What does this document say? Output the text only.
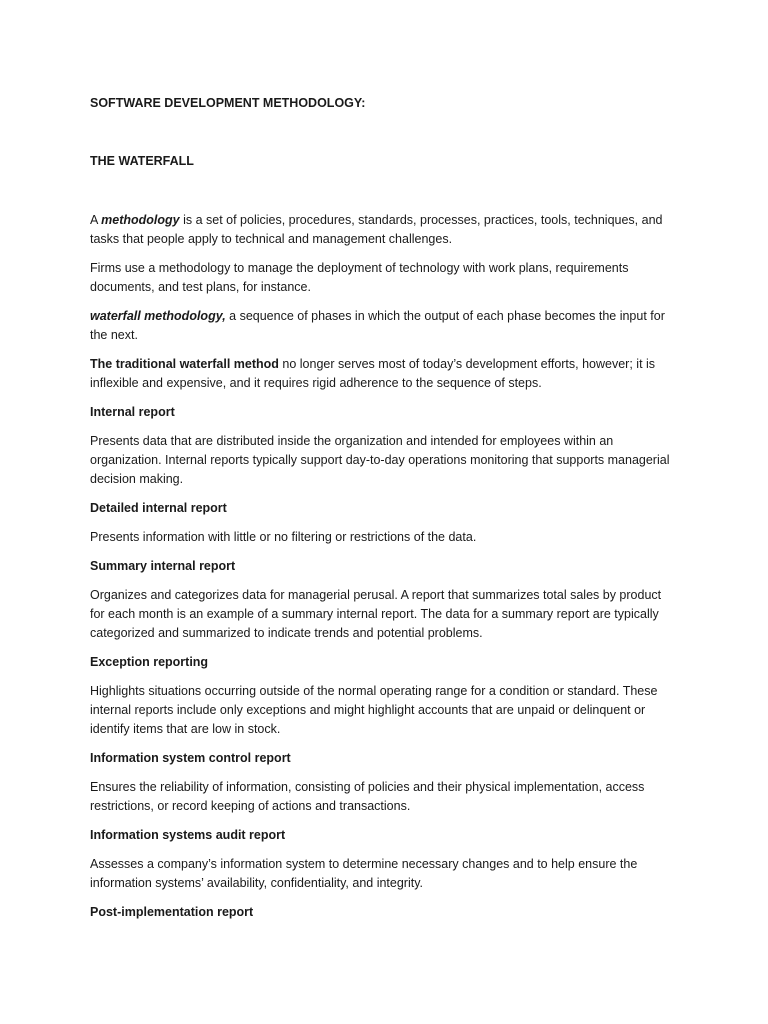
SOFTWARE DEVELOPMENT METHODOLOGY:

THE WATERFALL

A methodology is a set of policies, procedures, standards, processes, practices, tools, techniques, and tasks that people apply to technical and management challenges.

Firms use a methodology to manage the deployment of technology with work plans, requirements documents, and test plans, for instance.

waterfall methodology, a sequence of phases in which the output of each phase becomes the input for the next.

The traditional waterfall method no longer serves most of today’s development efforts, however; it is inflexible and expensive, and it requires rigid adherence to the sequence of steps.

Internal report

Presents data that are distributed inside the organization and intended for employees within an organization. Internal reports typically support day-to-day operations monitoring that supports managerial decision making.

Detailed internal report

Presents information with little or no filtering or restrictions of the data.

Summary internal report

Organizes and categorizes data for managerial perusal. A report that summarizes total sales by product for each month is an example of a summary internal report. The data for a summary report are typically categorized and summarized to indicate trends and potential problems.

Exception reporting

Highlights situations occurring outside of the normal operating range for a condition or standard. These internal reports include only exceptions and might highlight accounts that are unpaid or delinquent or identify items that are low in stock.

Information system control report

Ensures the reliability of information, consisting of policies and their physical implementation, access restrictions, or record keeping of actions and transactions.

Information systems audit report

Assesses a company’s information system to determine necessary changes and to help ensure the information systems’ availability, confidentiality, and integrity.

Post-implementation report
